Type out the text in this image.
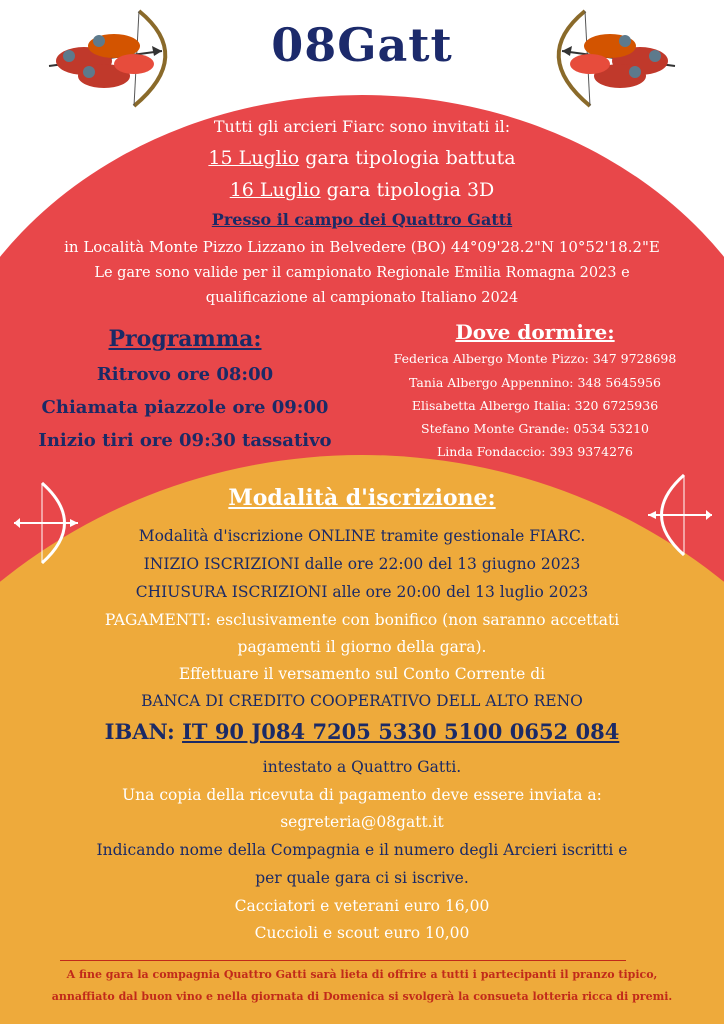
08Gatt
Tutti gli arcieri Fiarc sono invitati il:
15 Luglio gara tipologia battuta
16 Luglio gara tipologia 3D
Presso il campo dei Quattro Gatti
in Località Monte Pizzo Lizzano in Belvedere (BO) 44°09'28.2"N 10°52'18.2"E
Le gare sono valide per il campionato Regionale Emilia Romagna 2023 e
qualificazione al campionato Italiano 2024
Programma:
Ritrovo ore 08:00
Chiamata piazzole ore 09:00
Inizio tiri ore 09:30 tassativo
Dove dormire:
Federica Albergo Monte Pizzo: 347 9728698
Tania Albergo Appennino: 348 5645956
Elisabetta Albergo Italia: 320 6725936
Stefano Monte Grande: 0534 53210
Linda Fondaccio: 393 9374276
Modalità d'iscrizione:
Modalità d'iscrizione ONLINE tramite gestionale FIARC.
INIZIO ISCRIZIONI dalle ore 22:00 del 13 giugno 2023
CHIUSURA ISCRIZIONI alle ore 20:00 del 13 luglio 2023
PAGAMENTI: esclusivamente con bonifico (non saranno accettati
pagamenti il giorno della gara).
Effettuare il versamento sul Conto Corrente di
BANCA DI CREDITO COOPERATIVO DELL ALTO RENO
IBAN: IT 90 J084 7205 5330 5100 0652 084
intestato a Quattro Gatti.
Una copia della ricevuta di pagamento deve essere inviata a:
segreteria@08gatt.it
Indicando nome della Compagnia e il numero degli Arcieri iscritti e
per quale gara ci si iscrive.
Cacciatori e veterani euro 16,00
Cuccioli e scout euro 10,00
A fine gara la compagnia Quattro Gatti sarà lieta di offrire a tutti i partecipanti il pranzo tipico,
annaffiato dal buon vino e nella giornata di Domenica si svolgerà la consueta lotteria ricca di premi.
